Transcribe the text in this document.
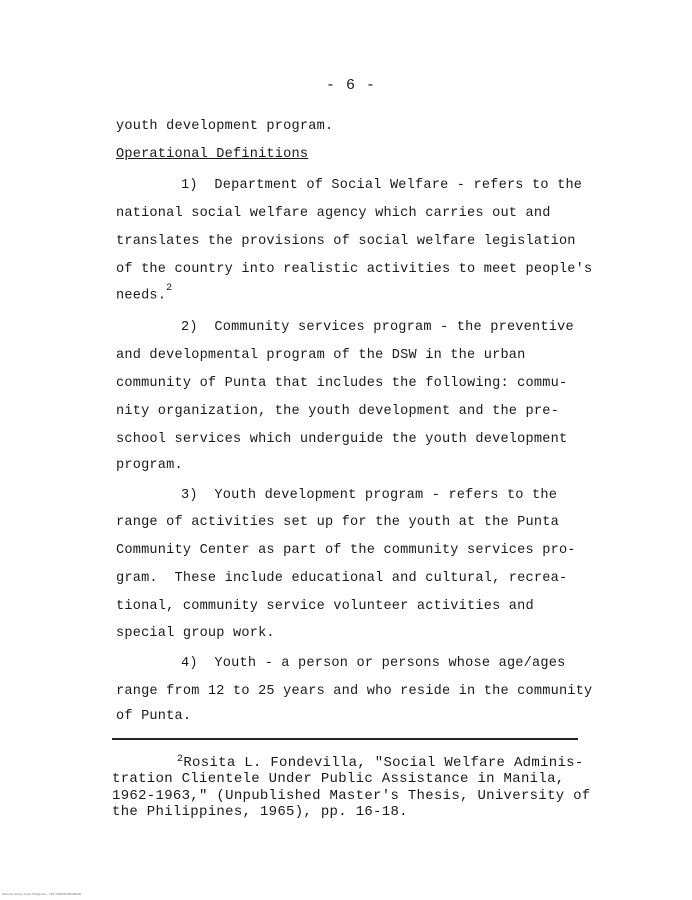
- 6 -
youth development program.
Operational Definitions
1)  Department of Social Welfare - refers to the
national social welfare agency which carries out and
translates the provisions of social welfare legislation
of the country into realistic activities to meet people's
needs.$^2$
2)  Community services program - the preventive
and developmental program of the DSW in the urban
community of Punta that includes the following: commu-
nity organization, the youth development and the pre-
school services which underguide the youth development
program.
3)  Youth development program - refers to the
range of activities set up for the youth at the Punta
Community Center as part of the community services pro-
gram.  These include educational and cultural, recrea-
tional, community service volunteer activities and
special group work.
4)  Youth - a person or persons whose age/ages
range from 12 to 25 years and who reside in the community
of Punta.
$^2$Rosita L. Fondevilla, "Social Welfare Adminis-
tration Clientele Under Public Assistance in Manila,
1962-1963," (Unpublished Master's Thesis, University of
the Philippines, 1965), pp. 16-18.
National Library of the Philippines · NLP-000000000000000
